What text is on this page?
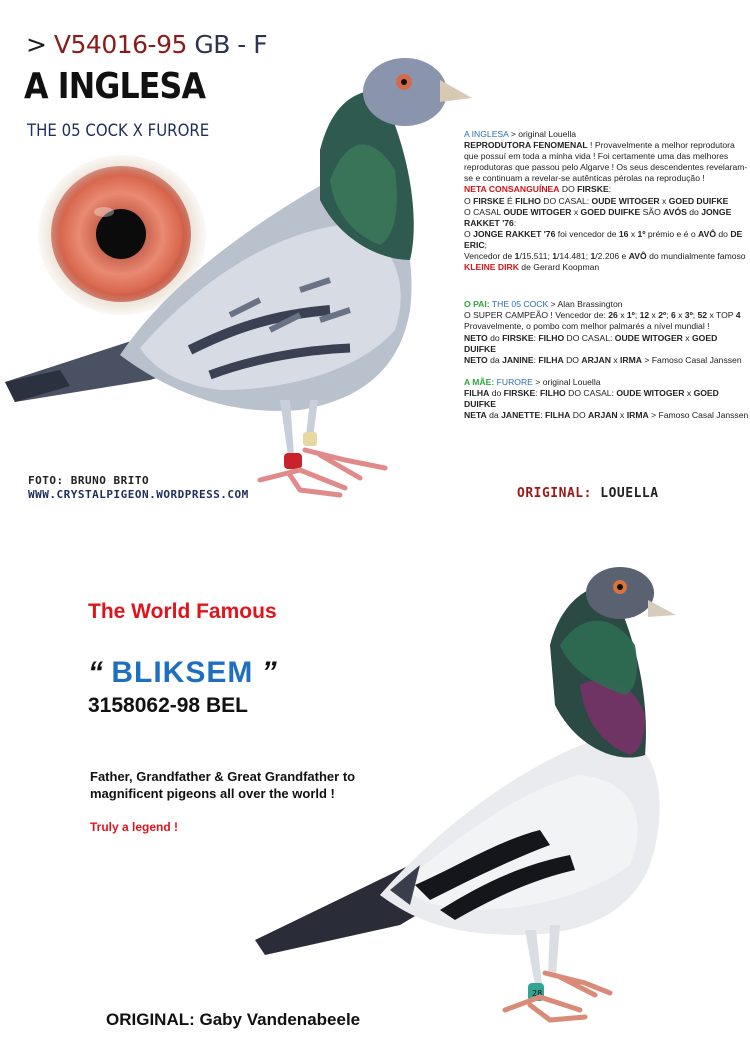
> V54016-95 GB - F
A INGLESA
THE 05 COCK X FURORE	A INGLESA > original Louella
REPRODUTORA FENOMENAL ! Provavelmente a melhor reprodutora que possuí em toda a minha vida ! Foi certamente uma das melhores reprodutoras que passou pelo Algarve ! Os seus descendentes revelaram-se e continuam a revelar-se autênticas pérolas na reprodução !
NETA CONSANGUÍNEA DO FIRSKE:
O FIRSKE É FILHO DO CASAL: OUDE WITOGER x GOED DUIFKE
O CASAL OUDE WITOGER x GOED DUIFKE SÃO AVÓS do JONGE RAKKET '76:
O JONGE RAKKET '76 foi vencedor de 16 x 1º prémio e é o AVÔ do DE ERIC;
Vencedor de 1/15.511; 1/14.481; 1/2.206 e AVÔ do mundialmente famoso
KLEINE DIRK de Gerard Koopman

O PAI: THE 05 COCK > Alan Brassington
O SUPER CAMPEÃO ! Vencedor de: 26 x 1º; 12 x 2º; 6 x 3º; 52 x TOP 4
Provavelmente, o pombo com melhor palmarés a nível mundial !
NETO do FIRSKE: FILHO DO CASAL: OUDE WITOGER x GOED DUIFKE
NETO da JANINE: FILHA DO ARJAN x IRMA > Famoso Casal Janssen

A MÃE: FURORE > original Louella
FILHA do FIRSKE: FILHO DO CASAL: OUDE WITOGER x GOED DUIFKE
NETA da JANETTE: FILHA DO ARJAN x IRMA > Famoso Casal Janssen

FOTO: BRUNO BRITO
WWW.CRYSTALPIGEON.WORDPRESS.COM	ORIGINAL: LOUELLA
The World Famous
“ BLIKSEM ”
3158062-98 BEL
Father, Grandfather & Great Grandfather to magnificent pigeons all over the world !
Truly a legend !
28
ORIGINAL: Gaby Vandenabeele
